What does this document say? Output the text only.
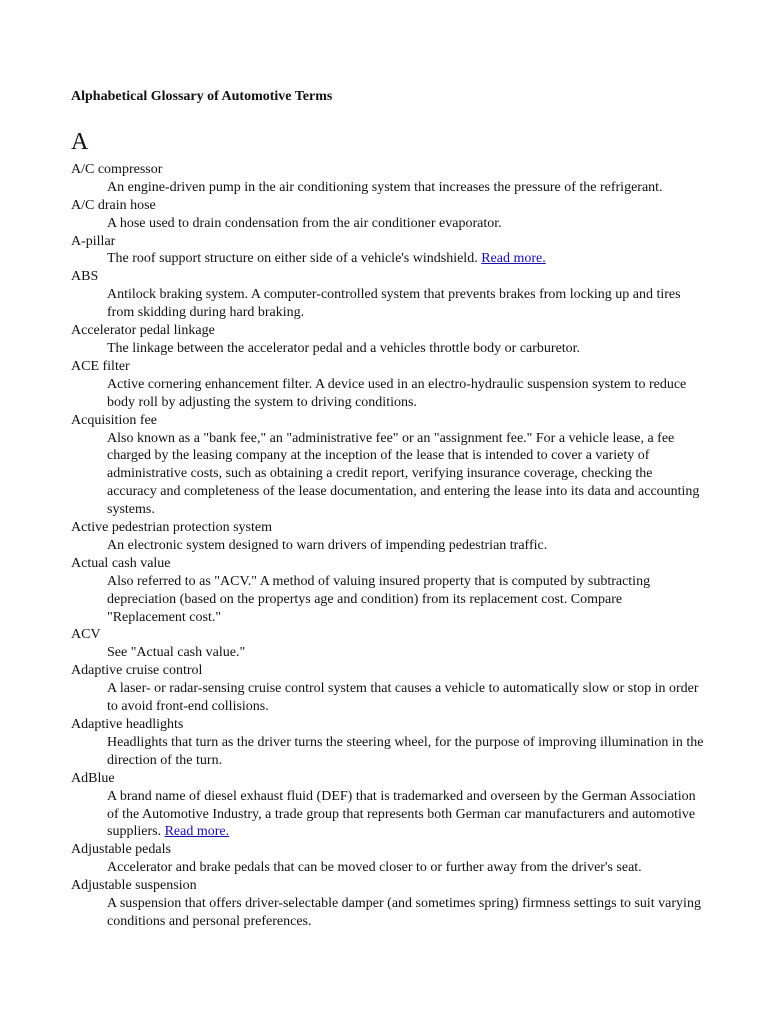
Alphabetical Glossary of Automotive Terms
A
A/C compressor
An engine-driven pump in the air conditioning system that increases the pressure of the refrigerant.
A/C drain hose
A hose used to drain condensation from the air conditioner evaporator.
A-pillar
The roof support structure on either side of a vehicle's windshield. Read more.
ABS
Antilock braking system. A computer-controlled system that prevents brakes from locking up and tires from skidding during hard braking.
Accelerator pedal linkage
The linkage between the accelerator pedal and a vehicles throttle body or carburetor.
ACE filter
Active cornering enhancement filter. A device used in an electro-hydraulic suspension system to reduce body roll by adjusting the system to driving conditions.
Acquisition fee
Also known as a "bank fee," an "administrative fee" or an "assignment fee." For a vehicle lease, a fee charged by the leasing company at the inception of the lease that is intended to cover a variety of administrative costs, such as obtaining a credit report, verifying insurance coverage, checking the accuracy and completeness of the lease documentation, and entering the lease into its data and accounting systems.
Active pedestrian protection system
An electronic system designed to warn drivers of impending pedestrian traffic.
Actual cash value
Also referred to as "ACV." A method of valuing insured property that is computed by subtracting depreciation (based on the propertys age and condition) from its replacement cost. Compare "Replacement cost."
ACV
See "Actual cash value."
Adaptive cruise control
A laser- or radar-sensing cruise control system that causes a vehicle to automatically slow or stop in order to avoid front-end collisions.
Adaptive headlights
Headlights that turn as the driver turns the steering wheel, for the purpose of improving illumination in the direction of the turn.
AdBlue
A brand name of diesel exhaust fluid (DEF) that is trademarked and overseen by the German Association of the Automotive Industry, a trade group that represents both German car manufacturers and automotive suppliers. Read more.
Adjustable pedals
Accelerator and brake pedals that can be moved closer to or further away from the driver's seat.
Adjustable suspension
A suspension that offers driver-selectable damper (and sometimes spring) firmness settings to suit varying conditions and personal preferences.
